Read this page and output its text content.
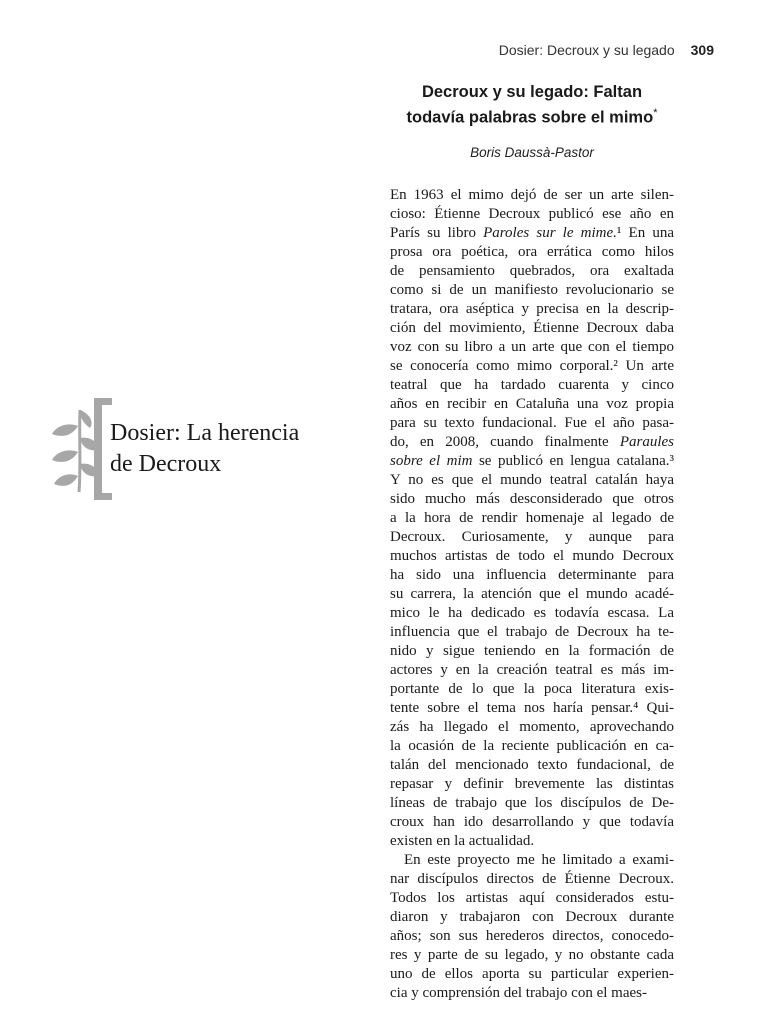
Dosier: Decroux y su legado 309
Decroux y su legado: Faltan
todavía palabras sobre el mimo*
Boris Daussà-Pastor
Dosier: La herencia
de Decroux
En 1963 el mimo dejó de ser un arte silen-
cioso: Étienne Decroux publicó ese año en
París su libro Paroles sur le mime.¹ En una
prosa ora poética, ora errática como hilos
de pensamiento quebrados, ora exaltada
como si de un manifiesto revolucionario se
tratara, ora aséptica y precisa en la descrip-
ción del movimiento, Étienne Decroux daba
voz con su libro a un arte que con el tiempo
se conocería como mimo corporal.² Un arte
teatral que ha tardado cuarenta y cinco
años en recibir en Cataluña una voz propia
para su texto fundacional. Fue el año pasa-
do, en 2008, cuando finalmente Paraules
sobre el mim se publicó en lengua catalana.³
Y no es que el mundo teatral catalán haya
sido mucho más desconsiderado que otros
a la hora de rendir homenaje al legado de
Decroux. Curiosamente, y aunque para
muchos artistas de todo el mundo Decroux
ha sido una influencia determinante para
su carrera, la atención que el mundo acadé-
mico le ha dedicado es todavía escasa. La
influencia que el trabajo de Decroux ha te-
nido y sigue teniendo en la formación de
actores y en la creación teatral es más im-
portante de lo que la poca literatura exis-
tente sobre el tema nos haría pensar.⁴ Qui-
zás ha llegado el momento, aprovechando
la ocasión de la reciente publicación en ca-
talán del mencionado texto fundacional, de
repasar y definir brevemente las distintas
líneas de trabajo que los discípulos de De-
croux han ido desarrollando y que todavía
existen en la actualidad.
En este proyecto me he limitado a exami-
nar discípulos directos de Étienne Decroux.
Todos los artistas aquí considerados estu-
diaron y trabajaron con Decroux durante
años; son sus herederos directos, conocedo-
res y parte de su legado, y no obstante cada
uno de ellos aporta su particular experien-
cia y comprensión del trabajo con el maes-
